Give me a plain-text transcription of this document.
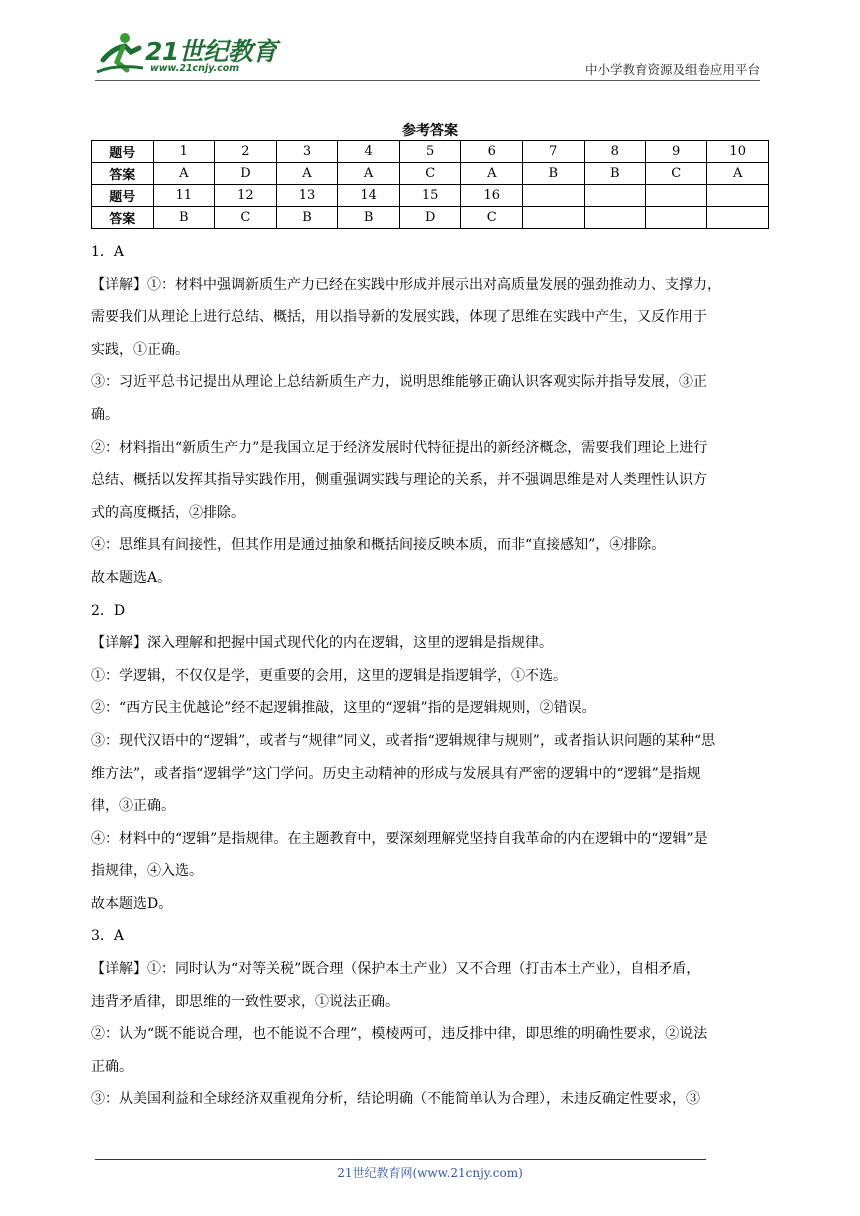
21世纪教育
www.21cnjy.com	中小学教育资源及组卷应用平台
参考答案
题号	1	2	3	4	5	6	7	8	9	10
答案	A	D	A	A	C	A	B	B	C	A
题号	11	12	13	14	15	16				
答案	B	C	B	B	D	C				

1．A

【详解】①：材料中强调新质生产力已经在实践中形成并展示出对高质量发展的强劲推动力、支撑力，

需要我们从理论上进行总结、概括，用以指导新的发展实践，体现了思维在实践中产生，又反作用于

实践，①正确。

③：习近平总书记提出从理论上总结新质生产力，说明思维能够正确认识客观实际并指导发展，③正

确。

②：材料指出“新质生产力”是我国立足于经济发展时代特征提出的新经济概念，需要我们理论上进行

总结、概括以发挥其指导实践作用，侧重强调实践与理论的关系，并不强调思维是对人类理性认识方

式的高度概括，②排除。

④：思维具有间接性，但其作用是通过抽象和概括间接反映本质，而非“直接感知”，④排除。

故本题选A。

2．D

【详解】深入理解和把握中国式现代化的内在逻辑，这里的逻辑是指规律。

①：学逻辑，不仅仅是学，更重要的会用，这里的逻辑是指逻辑学，①不选。

②：“西方民主优越论”经不起逻辑推敲，这里的“逻辑”指的是逻辑规则，②错误。

③：现代汉语中的“逻辑”，或者与“规律”同义，或者指“逻辑规律与规则”，或者指认识问题的某种“思

维方法”，或者指“逻辑学”这门学问。历史主动精神的形成与发展具有严密的逻辑中的“逻辑”是指规

律，③正确。

④：材料中的“逻辑”是指规律。在主题教育中，要深刻理解党坚持自我革命的内在逻辑中的“逻辑”是

指规律，④入选。

故本题选D。

3．A

【详解】①：同时认为“对等关税”既合理（保护本土产业）又不合理（打击本土产业），自相矛盾，

违背矛盾律，即思维的一致性要求，①说法正确。

②：认为“既不能说合理，也不能说不合理”，模棱两可，违反排中律，即思维的明确性要求，②说法

正确。

③：从美国利益和全球经济双重视角分析，结论明确（不能简单认为合理），未违反确定性要求，③

21世纪教育网(www.21cnjy.com)
